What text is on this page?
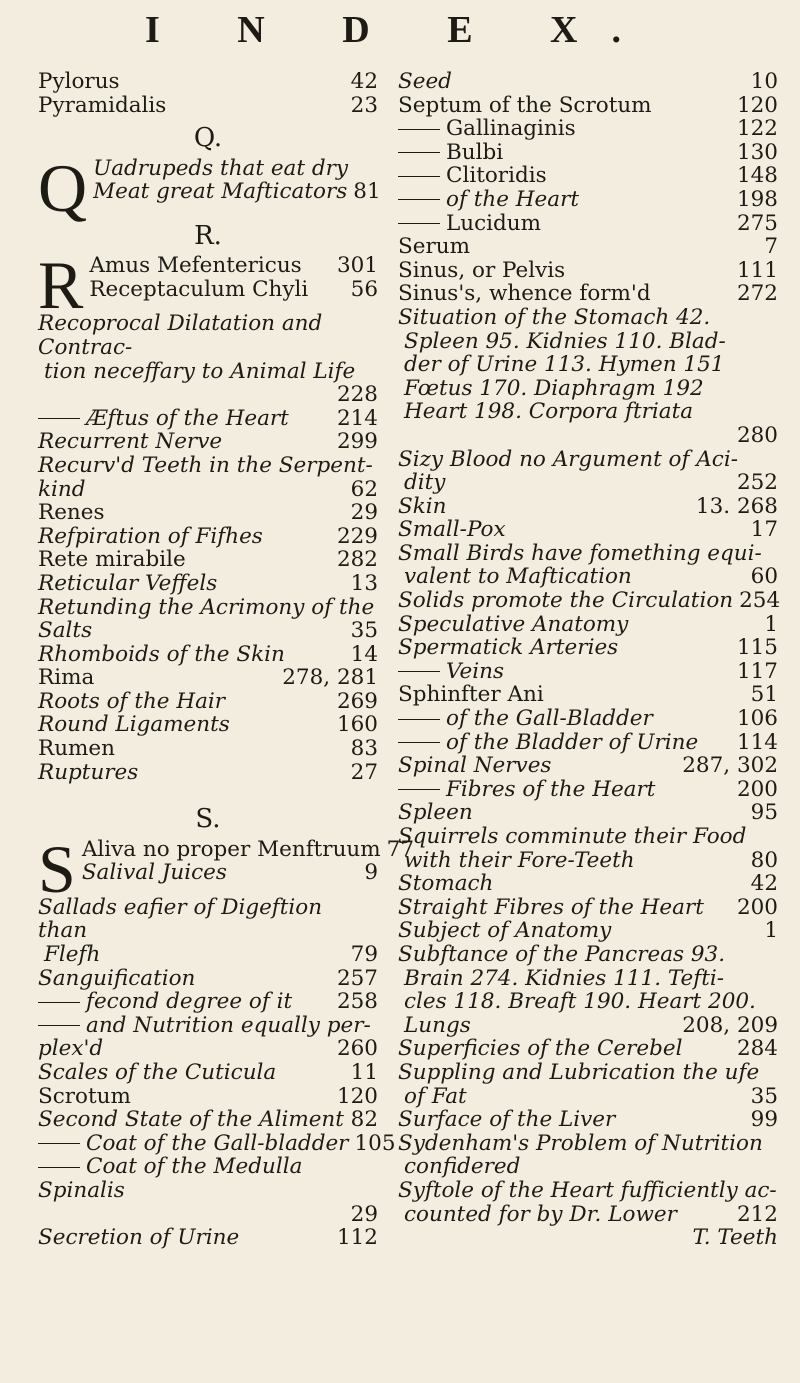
I N D E X.
Pylorus	42
Pyramidalis	23
Q.
Q Uadrupeds that eat dry
Meat great Mafticators 81
R.
R Amus Mefentericus	301
Receptaculum Chyli	56
Recoprocal Dilatation and Contrac-
tion neceffary to Animal Life
228
Æftus of the Heart	214
Recurrent Nerve	299
Recurv'd Teeth in the Serpent-
kind	62
Renes	29
Refpiration of Fifhes	229
Rete mirabile	282
Reticular Veffels	13
Retunding the Acrimony of the
Salts	35
Rhomboids of the Skin	14
Rima	278, 281
Roots of the Hair	269
Round Ligaments	160
Rumen	83
Ruptures	27
S.
S Aliva no proper Menftruum 77
Salival Juices	9
Sallads eafier of Digeftion than
Flefh	79
Sanguification	257
fecond degree of it	258
and Nutrition equally per-
plex'd	260
Scales of the Cuticula	11
Scrotum	120
Second State of the Aliment 82
Coat of the Gall-bladder 105
Coat of the Medulla Spinalis
29
Secretion of Urine	112
Seed	10
Septum of the Scrotum	120
Gallinaginis	122
Bulbi	130
Clitoridis	148
of the Heart	198
Lucidum	275
Serum	7
Sinus, or Pelvis	111
Sinus's, whence form'd	272
Situation of the Stomach 42.
Spleen 95. Kidnies 110. Blad-
der of Urine 113. Hymen 151
Fœtus 170. Diaphragm 192
Heart 198. Corpora ftriata
280
Sizy Blood no Argument of Aci-
dity	252
Skin	13. 268
Small-Pox	17
Small Birds have fomething equi-
valent to Maftication	60
Solids promote the Circulation 254
Speculative Anatomy	1
Spermatick Arteries	115
Veins	117
Sphinfter Ani	51
of the Gall-Bladder	106
of the Bladder of Urine	114
Spinal Nerves	287, 302
Fibres of the Heart	200
Spleen	95
Squirrels comminute their Food
with their Fore-Teeth	80
Stomach	42
Straight Fibres of the Heart	200
Subject of Anatomy	1
Subftance of the Pancreas 93.
Brain 274. Kidnies 111. Tefti-
cles 118. Breaft 190. Heart 200.
Lungs	208, 209
Superficies of the Cerebel	284
Suppling and Lubrication the ufe
of Fat	35
Surface of the Liver	99
Sydenham's Problem of Nutrition
confidered
Syftole of the Heart fufficiently ac-
counted for by Dr. Lower	212
T. Teeth
